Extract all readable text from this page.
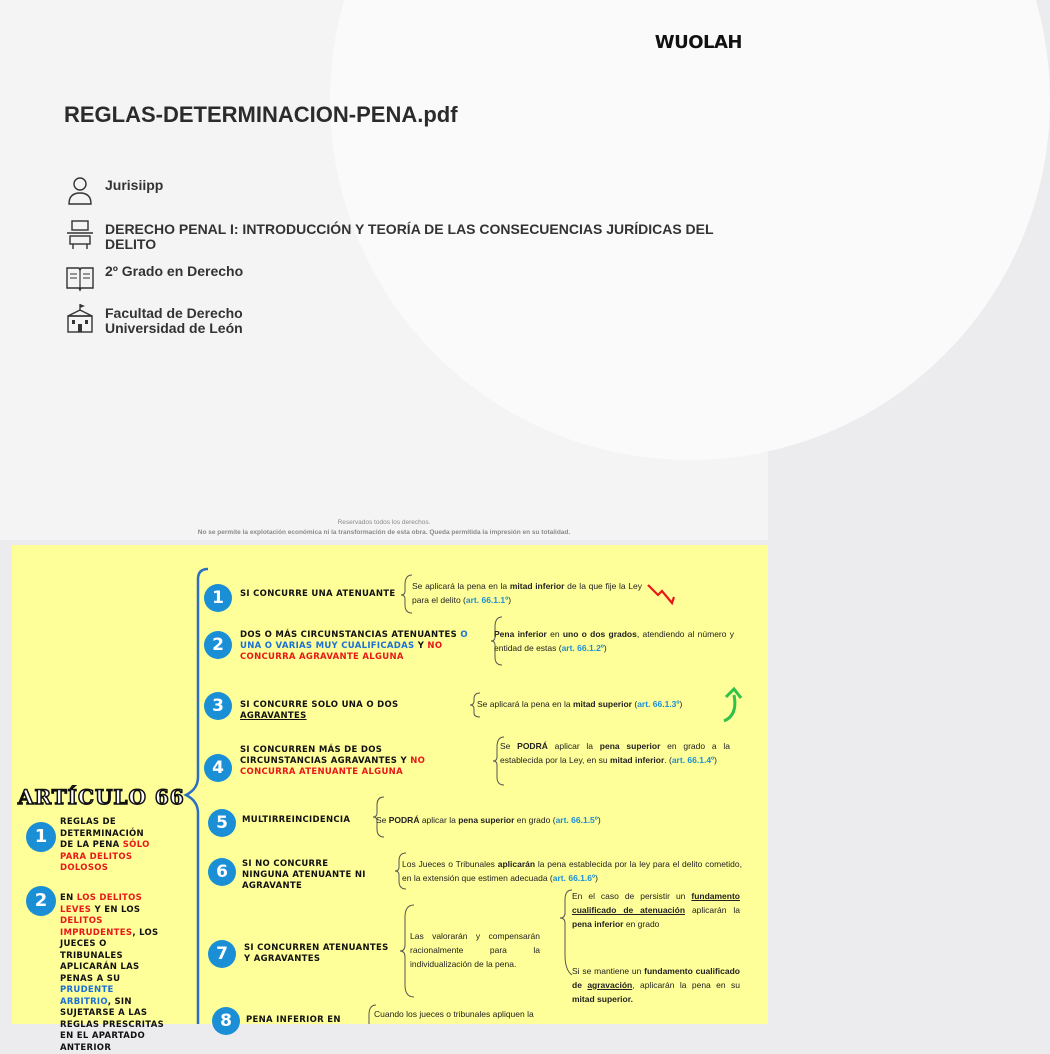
WUOLAH
REGLAS-DETERMINACION-PENA.pdf
Jurisiipp
DERECHO PENAL I: INTRODUCCIÓN Y TEORÍA DE LAS CONSECUENCIAS JURÍDICAS DEL DELITO
2º Grado en Derecho
Facultad de Derecho
Universidad de León
Reservados todos los derechos.
No se permite la explotación económica ni la transformación de esta obra. Queda permitida la impresión en su totalidad.
1	SI CONCURRE UNA ATENUANTE
Se aplicará la pena en la mitad inferior de la que fije la Ley para el delito (art. 66.1.1º)
2	DOS O MÁS CIRCUNSTANCIAS ATENUANTES O UNA O VARIAS MUY CUALIFICADAS Y NO CONCURRA AGRAVANTE ALGUNA
Pena inferior en uno o dos grados, atendiendo al número y entidad de estas (art. 66.1.2º)
3	SI CONCURRE SOLO UNA O DOS AGRAVANTES
Se aplicará la pena en la mitad superior (art. 66.1.3º)
4
SI CONCURREN MÁS DE DOS CIRCUNSTANCIAS AGRAVANTES Y NO CONCURRA ATENUANTE ALGUNA
Se PODRÁ aplicar la pena superior en grado a la establecida por la Ley, en su mitad inferior. (art. 66.1.4º)
5	MULTIRREINCIDENCIA	Se PODRÁ aplicar la pena superior en grado (art. 66.1.5º)
6	SI NO CONCURRE NINGUNA ATENUANTE NI AGRAVANTE
Los Jueces o Tribunales aplicarán la pena establecida por la ley para el delito cometido, en la extensión que estimen adecuada (art. 66.1.6º)
7	SI CONCURREN ATENUANTES Y AGRAVANTES
Las valorarán y compensarán racionalmente para la individualización de la pena.
En el caso de persistir un fundamento cualificado de atenuación aplicarán la pena inferior en grado
Si se mantiene un fundamento cualificado de agravación, aplicarán la pena en su mitad superior.
8	PENA INFERIOR EN
Cuando los jueces o tribunales apliquen la
ARTÍCULO 66
1
REGLAS DE DETERMINACIÓN DE LA PENA SÓLO PARA DELITOS DOLOSOS
2	EN LOS DELITOS LEVES Y EN LOS DELITOS IMPRUDENTES, LOS JUECES O TRIBUNALES APLICARÁN LAS PENAS A SU PRUDENTE ARBITRIO, SIN SUJETARSE A LAS REGLAS PRESCRITAS EN EL APARTADO ANTERIOR
